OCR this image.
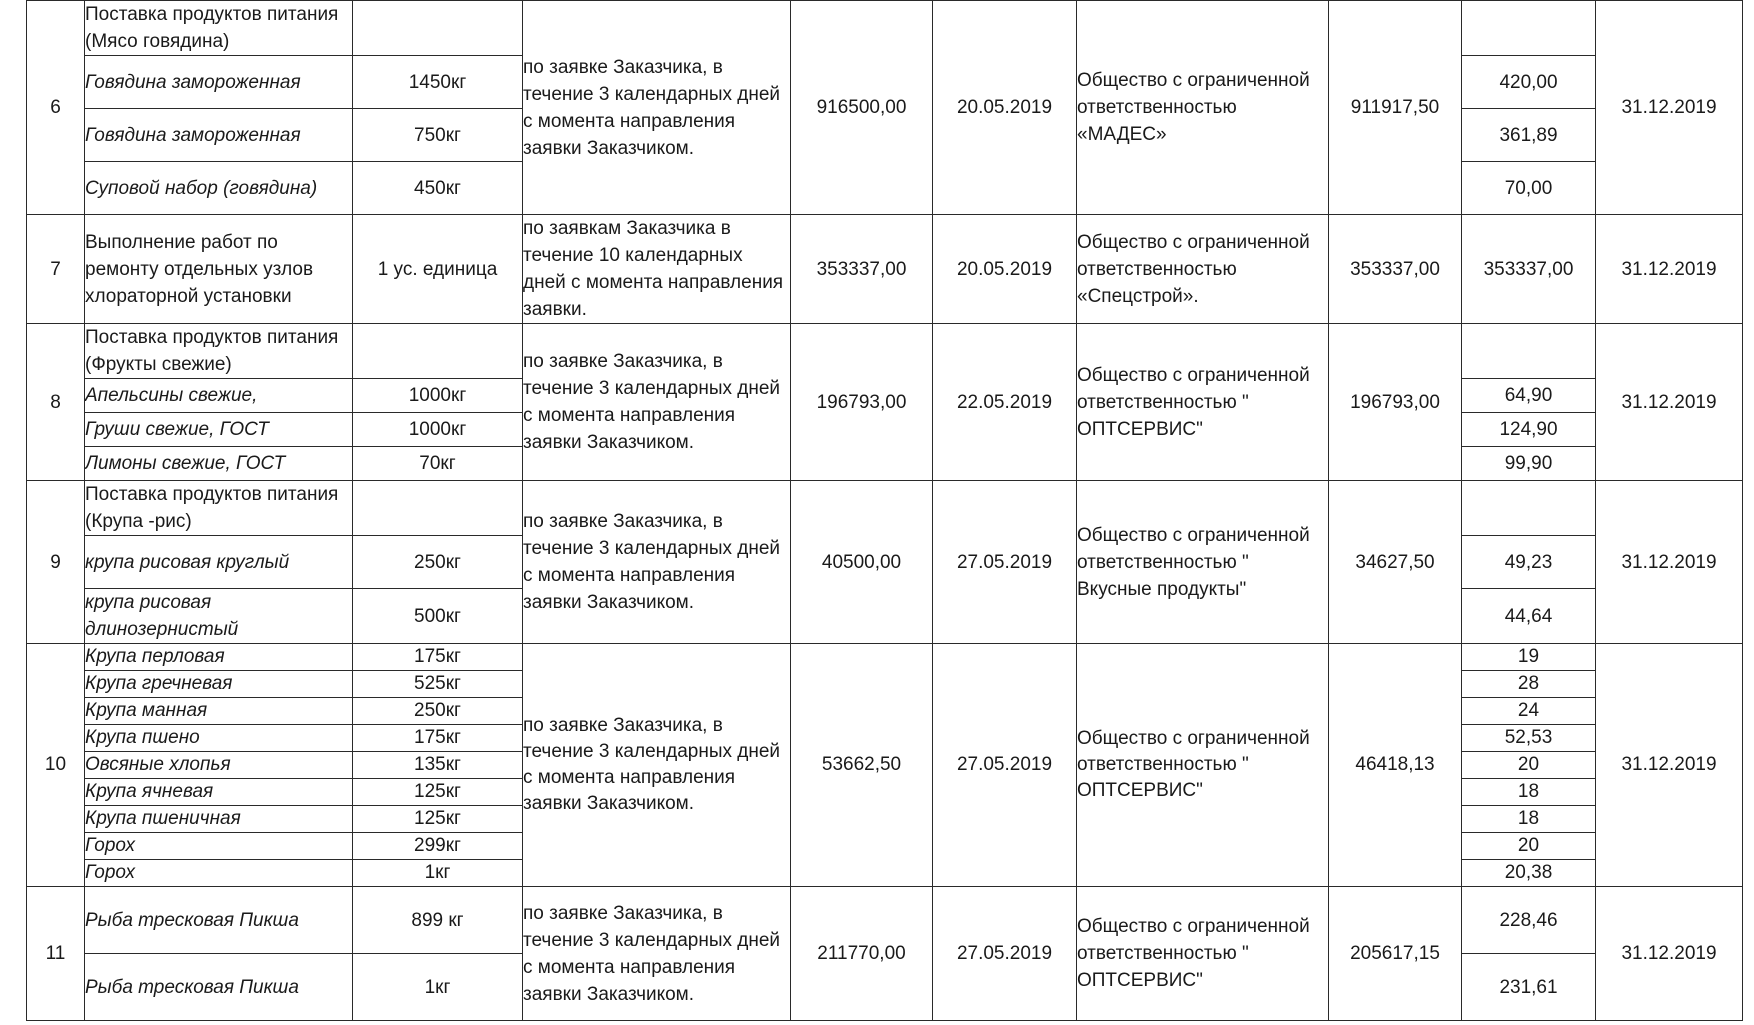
6	Поставка продуктов питания (Мясо говядина)		по заявке Заказчика, в течение 3 календарных дней с момента направления заявки Заказчиком.	916500,00	20.05.2019	Общество с ограниченной ответственностью «МАДЕС»	911917,50		31.12.2019
	Говядина замороженная	1450кг						420,00	
	Говядина замороженная	750кг						361,89	
	Суповой набор (говядина)	450кг						70,00	
7	Выполнение работ по ремонту отдельных узлов хлораторной установки	1 ус. единица	по заявкам Заказчика в течение 10 календарных дней с момента направления заявки.	353337,00	20.05.2019	Общество с ограниченной ответственностью «Спецстрой».	353337,00	353337,00	31.12.2019
8	Поставка продуктов питания (Фрукты свежие)		по заявке Заказчика, в течение 3 календарных дней с момента направления заявки Заказчиком.	196793,00	22.05.2019	Общество с ограниченной ответственностью " ОПТСЕРВИС"	196793,00		31.12.2019
	Апельсины свежие,	1000кг						64,90	
	Груши свежие, ГОСТ	1000кг						124,90	
	Лимоны свежие, ГОСТ	70кг						99,90	
9	Поставка продуктов питания (Крупа -рис)		по заявке Заказчика, в течение 3 календарных дней с момента направления заявки Заказчиком.	40500,00	27.05.2019	Общество с ограниченной ответственностью " Вкусные продукты"	34627,50		31.12.2019
	крупа рисовая круглый	250кг						49,23	
	крупа рисовая длинозернистый	500кг						44,64	
10	Крупа перловая	175кг	по заявке Заказчика, в течение 3 календарных дней с момента направления заявки Заказчиком.	53662,50	27.05.2019	Общество с ограниченной ответственностью " ОПТСЕРВИС"	46418,13	19	31.12.2019
	Крупа гречневая	525кг						28	
	Крупа манная	250кг						24	
	Крупа пшено	175кг						52,53	
	Овсяные хлопья	135кг						20	
	Крупа ячневая	125кг						18	
	Крупа пшеничная	125кг						18	
	Горох	299кг						20	
	Горох	1кг						20,38	
11	Рыба тресковая Пикша	899 кг	по заявке Заказчика, в течение 3 календарных дней с момента направления заявки Заказчиком.	211770,00	27.05.2019	Общество с ограниченной ответственностью " ОПТСЕРВИС"	205617,15	228,46	31.12.2019
	Рыба тресковая Пикша	1кг						231,61	
